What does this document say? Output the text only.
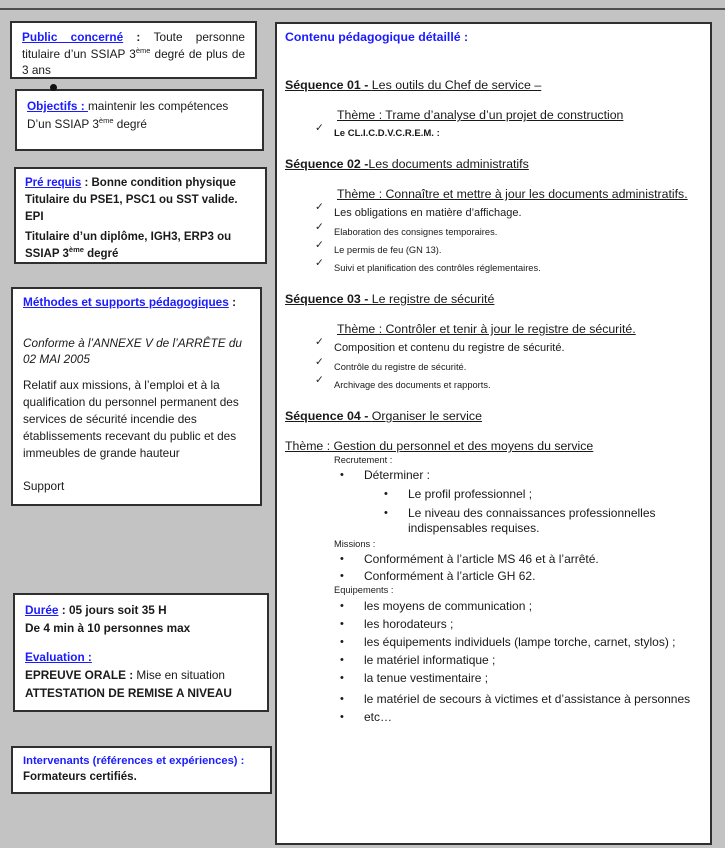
Public concerné : Toute personne titulaire d’un SSIAP 3ème degré de plus de 3 ans
Objectifs : maintenir les compétences
D’un SSIAP 3ème degré
Pré requis : Bonne condition physique
Titulaire du PSE1, PSC1 ou SST valide.
EPI
Titulaire d’un diplôme, IGH3, ERP3 ou SSIAP 3ème degré
Méthodes et supports pédagogiques :
Conforme à l’ANNEXE V de l’ARRÊTE du 02 MAI 2005
Relatif aux missions, à l’emploi et à la qualification du personnel permanent des services de sécurité incendie des établissements recevant du public et des immeubles de grande hauteur
Support
Durée : 05 jours soit 35 H
De 4 min à 10 personnes max
Evaluation :
EPREUVE ORALE : Mise en situation
ATTESTATION DE REMISE A NIVEAU
Intervenants (références et expériences) :
Formateurs certifiés.
Contenu pédagogique détaillé :
Séquence 01 - Les outils du Chef de service –
Thème : Trame d’analyse d’un projet de construction
✓	Le CL.I.C.D.V.C.R.E.M. :
Séquence 02 -Les documents administratifs
Thème : Connaître et mettre à jour les documents administratifs.
✓ Les obligations en matière d’affichage.
✓	Elaboration des consignes temporaires.
✓	Le permis de feu (GN 13).
✓	Suivi et planification des contrôles réglementaires.
Séquence 03 - Le registre de sécurité
Thème : Contrôler et tenir à jour le registre de sécurité.
✓ Composition et contenu du registre de sécurité.
✓	Contrôle du registre de sécurité.
✓	Archivage des documents et rapports.
Séquence 04 - Organiser le service
Thème : Gestion du personnel et des moyens du service
Recrutement :
•	Déterminer :
•	Le profil professionnel ;
•	Le niveau des connaissances professionnelles indispensables requises.
Missions :
•	Conformément à l’article MS 46 et à l’arrêté.
•	Conformément à l’article GH 62.
Equipements :
•	les moyens de communication ;
•	les horodateurs ;
•	les équipements individuels (lampe torche, carnet, stylos) ;
•	le matériel informatique ;
•	la tenue vestimentaire ;
•	le matériel de secours à victimes et d’assistance à personnes
•	etc…
